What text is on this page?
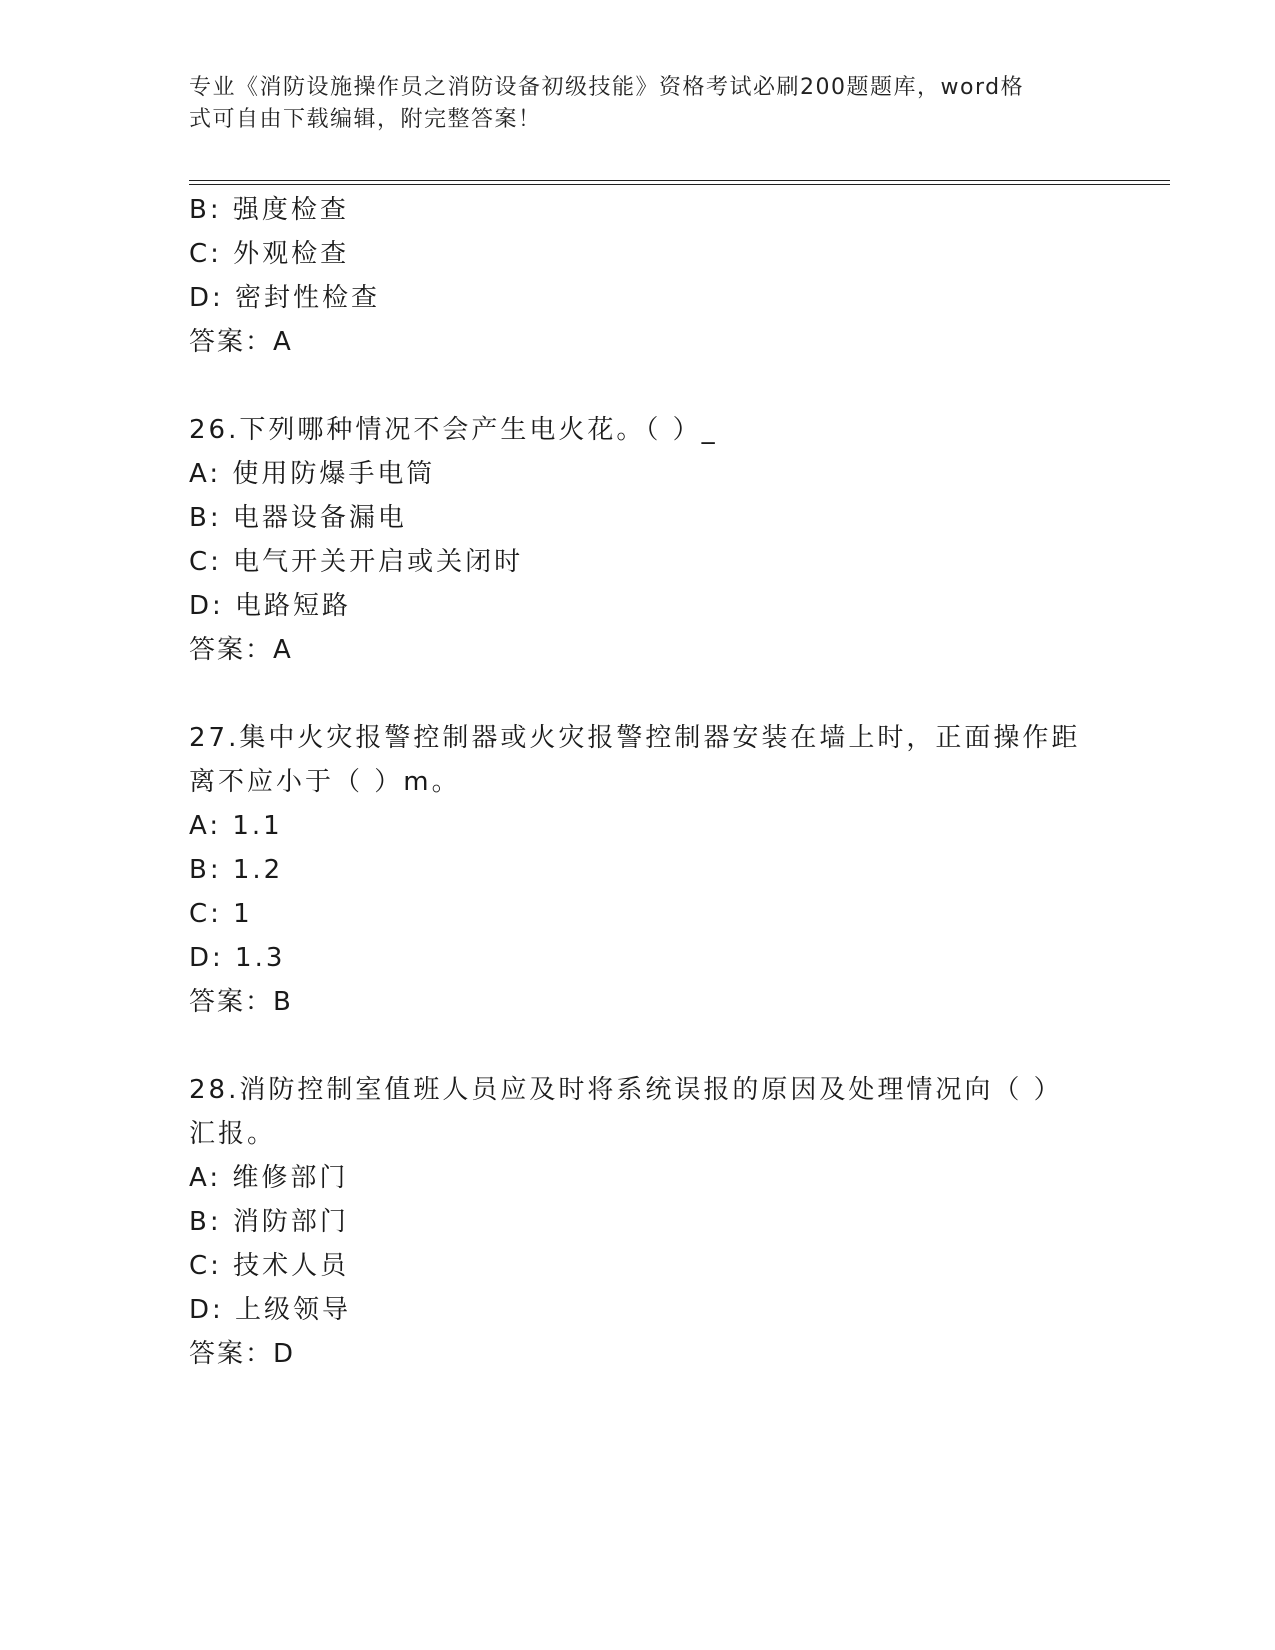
专业《消防设施操作员之消防设备初级技能》资格考试必刷200题题库，word格
式可自由下载编辑，附完整答案！
B: 强度检查
C: 外观检查
D: 密封性检查
答案：A
26.下列哪种情况不会产生电火花。（ ）_
A: 使用防爆手电筒
B: 电器设备漏电
C: 电气开关开启或关闭时
D: 电路短路
答案：A
27.集中火灾报警控制器或火灾报警控制器安装在墙上时，正面操作距
离不应小于（ ）m。
A: 1.1
B: 1.2
C: 1
D: 1.3
答案：B
28.消防控制室值班人员应及时将系统误报的原因及处理情况向（ ）
汇报。
A: 维修部门
B: 消防部门
C: 技术人员
D: 上级领导
答案：D
